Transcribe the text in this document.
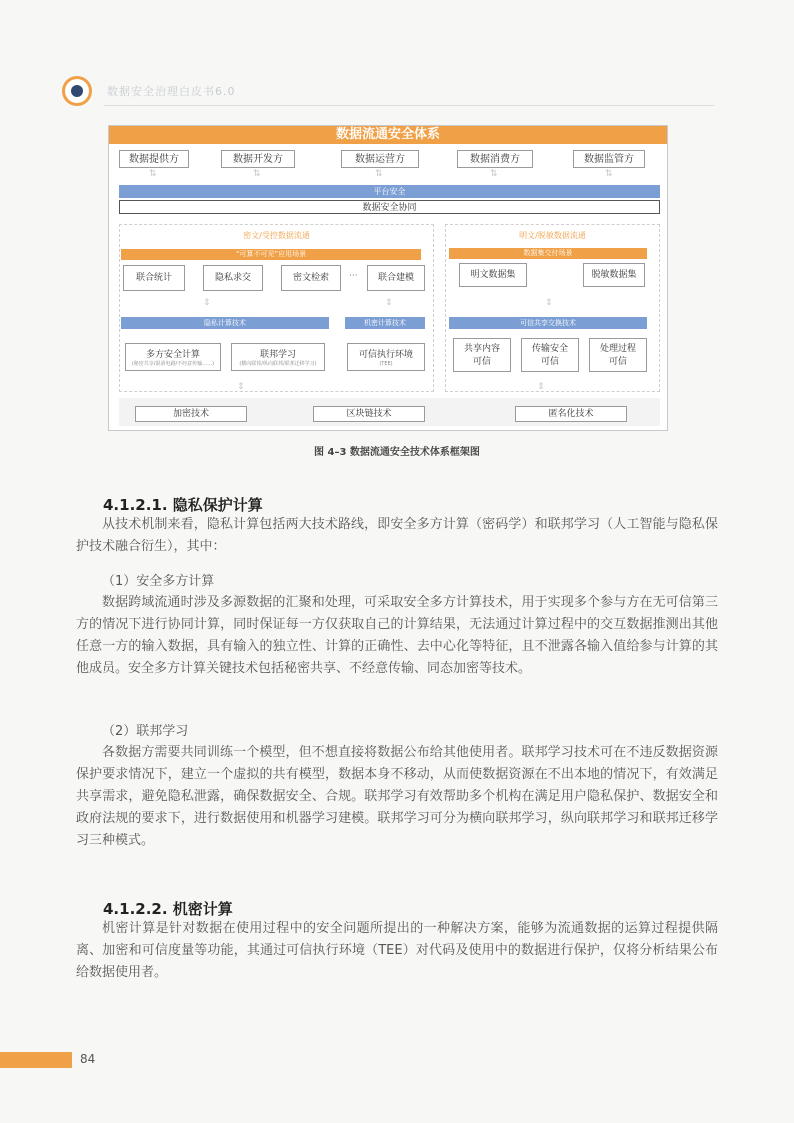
数据安全治理白皮书6.0
数据流通安全体系
数据提供方	数据开发方	数据运营方	数据消费方	数据监管方
⇅	⇅	⇅	⇅	⇅
平台安全
数据安全协同
密文/受控数据流通
“可算不可见”应用场景
联合统计	隐私求交	密文检索	···	联合建模
⇕	⇕
隐私计算技术	机密计算技术
多方安全计算
(秘密共享/混淆电路/不经意传输……)
联邦学习
(横向联邦/纵向联邦/联邦迁移学习)
可信执行环境
(TEE)
明文/脱敏数据流通
数据集交付场景
明文数据集	脱敏数据集
⇕
可信共享交换技术
共享内容可信
传输安全可信
处理过程可信
⇕	⇕
加密技术	区块链技术	匿名化技术
图 4–3 数据流通安全技术体系框架图
4.1.2.1. 隐私保护计算

从技术机制来看，隐私计算包括两大技术路线，即安全多方计算（密码学）和联邦学习（人工智能与隐私保护技术融合衍生），其中：

（1）安全多方计算

数据跨域流通时涉及多源数据的汇聚和处理，可采取安全多方计算技术，用于实现多个参与方在无可信第三方的情况下进行协同计算，同时保证每一方仅获取自己的计算结果，无法通过计算过程中的交互数据推测出其他任意一方的输入数据，具有输入的独立性、计算的正确性、去中心化等特征，且不泄露各输入值给参与计算的其他成员。安全多方计算关键技术包括秘密共享、不经意传输、同态加密等技术。

（2）联邦学习

各数据方需要共同训练一个模型，但不想直接将数据公布给其他使用者。联邦学习技术可在不违反数据资源保护要求情况下，建立一个虚拟的共有模型，数据本身不移动，从而使数据资源在不出本地的情况下，有效满足共享需求，避免隐私泄露，确保数据安全、合规。联邦学习有效帮助多个机构在满足用户隐私保护、数据安全和政府法规的要求下，进行数据使用和机器学习建模。联邦学习可分为横向联邦学习，纵向联邦学习和联邦迁移学习三种模式。

4.1.2.2. 机密计算

机密计算是针对数据在使用过程中的安全问题所提出的一种解决方案，能够为流通数据的运算过程提供隔离、加密和可信度量等功能，其通过可信执行环境（TEE）对代码及使用中的数据进行保护，仅将分析结果公布给数据使用者。

84
